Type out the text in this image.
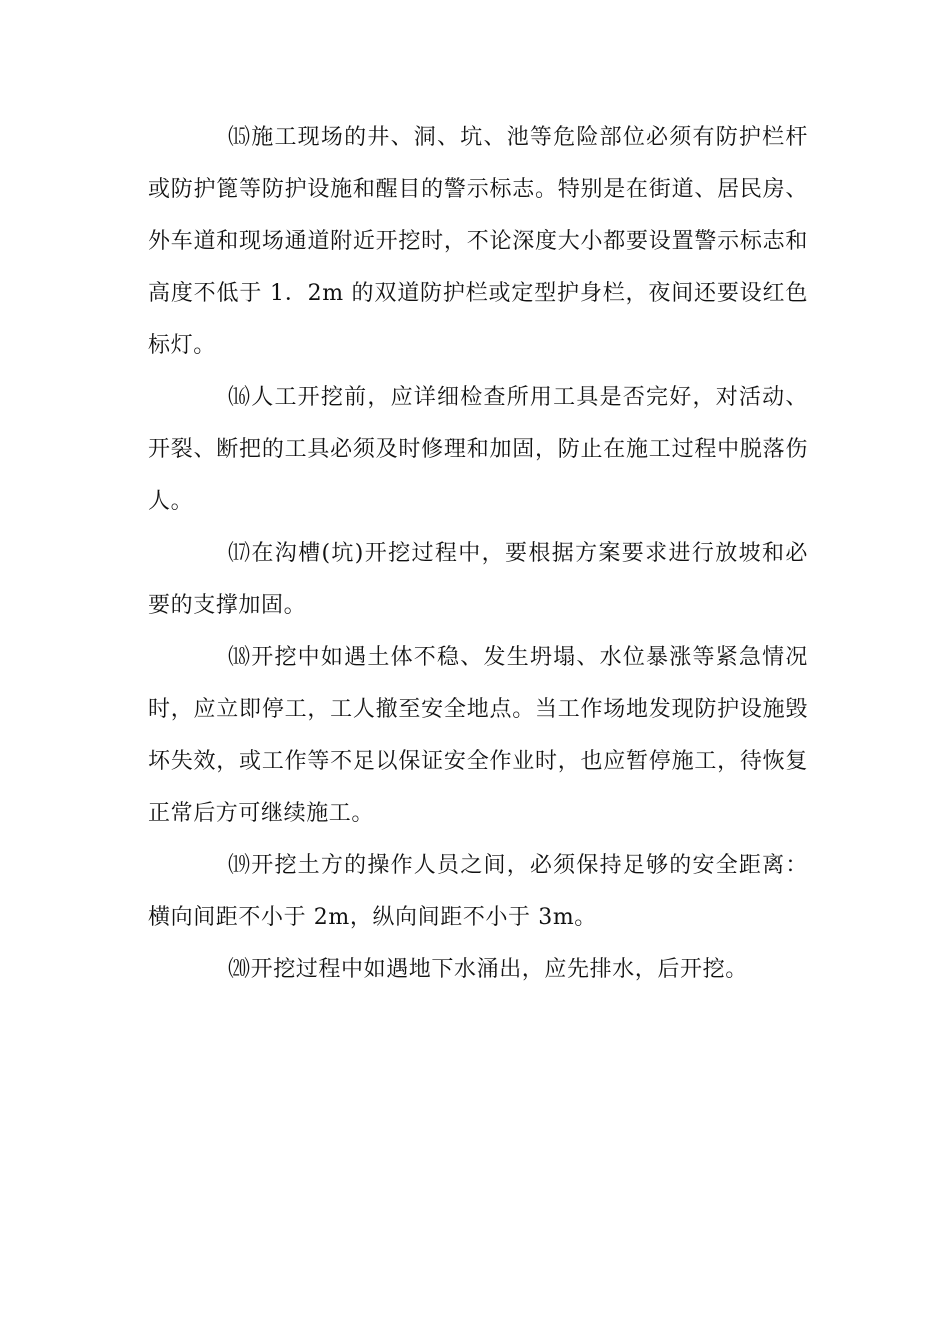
⒂施工现场的井、洞、坑、池等危险部位必须有防护栏杆或防护篦等防护设施和醒目的警示标志。特别是在街道、居民房、外车道和现场通道附近开挖时，不论深度大小都要设置警示标志和高度不低于 1．2m 的双道防护栏或定型护身栏，夜间还要设红色标灯。

⒃人工开挖前，应详细检查所用工具是否完好，对活动、开裂、断把的工具必须及时修理和加固，防止在施工过程中脱落伤人。

⒄在沟槽(坑)开挖过程中，要根据方案要求进行放坡和必要的支撑加固。

⒅开挖中如遇土体不稳、发生坍塌、水位暴涨等紧急情况时，应立即停工，工人撤至安全地点。当工作场地发现防护设施毁坏失效，或工作等不足以保证安全作业时，也应暂停施工，待恢复正常后方可继续施工。

⒆开挖土方的操作人员之间，必须保持足够的安全距离：横向间距不小于 2m，纵向间距不小于 3m。

⒇开挖过程中如遇地下水涌出，应先排水，后开挖。
